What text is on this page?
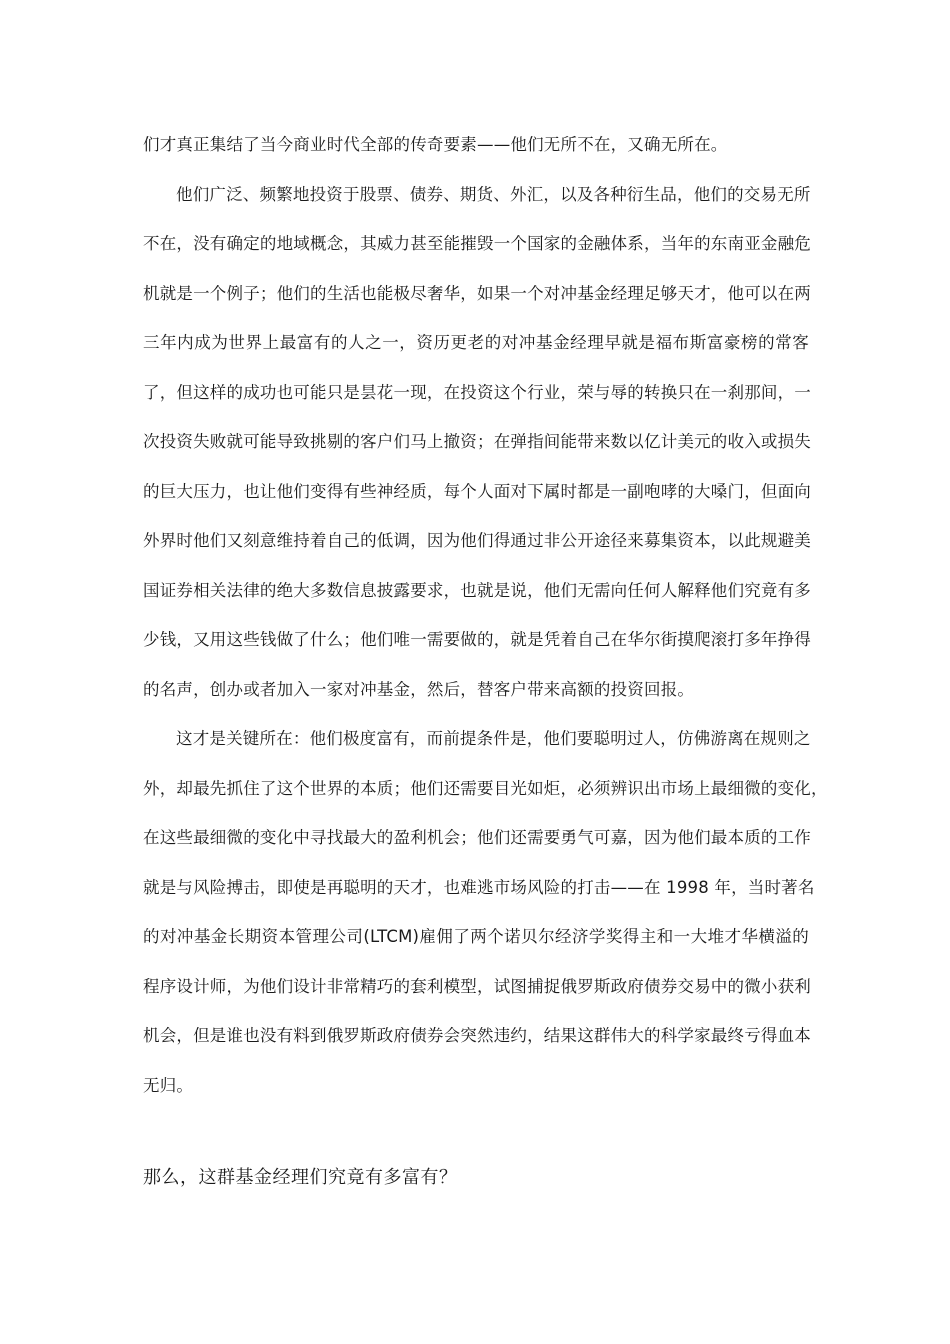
们才真正集结了当今商业时代全部的传奇要素——他们无所不在，又确无所在。
他们广泛、频繁地投资于股票、债券、期货、外汇，以及各种衍生品，他们的交易无所
不在，没有确定的地域概念，其威力甚至能摧毁一个国家的金融体系，当年的东南亚金融危
机就是一个例子；他们的生活也能极尽奢华，如果一个对冲基金经理足够天才，他可以在两
三年内成为世界上最富有的人之一，资历更老的对冲基金经理早就是福布斯富豪榜的常客
了，但这样的成功也可能只是昙花一现，在投资这个行业，荣与辱的转换只在一刹那间，一
次投资失败就可能导致挑剔的客户们马上撤资；在弹指间能带来数以亿计美元的收入或损失
的巨大压力，也让他们变得有些神经质，每个人面对下属时都是一副咆哮的大嗓门，但面向
外界时他们又刻意维持着自己的低调，因为他们得通过非公开途径来募集资本，以此规避美
国证券相关法律的绝大多数信息披露要求，也就是说，他们无需向任何人解释他们究竟有多
少钱，又用这些钱做了什么；他们唯一需要做的，就是凭着自己在华尔街摸爬滚打多年挣得
的名声，创办或者加入一家对冲基金，然后，替客户带来高额的投资回报。
这才是关键所在：他们极度富有，而前提条件是，他们要聪明过人，仿佛游离在规则之
外，却最先抓住了这个世界的本质；他们还需要目光如炬，必须辨识出市场上最细微的变化，
在这些最细微的变化中寻找最大的盈利机会；他们还需要勇气可嘉，因为他们最本质的工作
就是与风险搏击，即使是再聪明的天才，也难逃市场风险的打击——在 1998 年，当时著名
的对冲基金长期资本管理公司(LTCM)雇佣了两个诺贝尔经济学奖得主和一大堆才华横溢的
程序设计师，为他们设计非常精巧的套利模型，试图捕捉俄罗斯政府债券交易中的微小获利
机会，但是谁也没有料到俄罗斯政府债券会突然违约，结果这群伟大的科学家最终亏得血本
无归。
那么，这群基金经理们究竟有多富有？
